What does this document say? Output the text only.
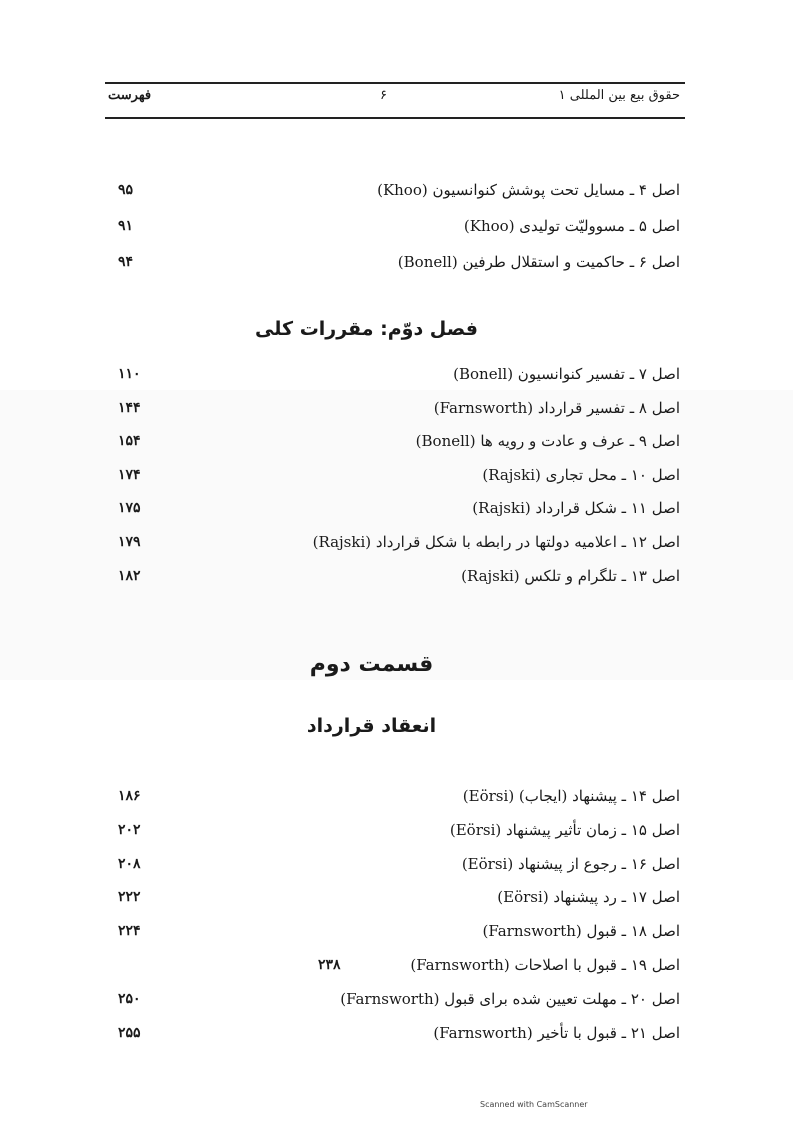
حقوق بیع بین المللی ۱
۶
فهرست
اصل ۴ ـ مسایل تحت پوشش کنوانسیون (Khoo)
۹۵
اصل ۵ ـ مسوولیّت تولیدی (Khoo)
۹۱
اصل ۶ ـ حاکمیت و استقلال طرفین (Bonell)
۹۴
فصل دوّم: مقررات کلی
اصل ۷ ـ تفسیر کنوانسیون (Bonell)
۱۱۰
اصل ۸ ـ تفسیر قرارداد (Farnsworth)
۱۴۴
اصل ۹ ـ عرف و عادت و رویه ها (Bonell)
۱۵۴
اصل ۱۰ ـ محل تجاری (Rajski)
۱۷۴
اصل ۱۱ ـ شکل قرارداد (Rajski)
۱۷۵
اصل ۱۲ ـ اعلامیه دولتها در رابطه با شکل قرارداد (Rajski)
۱۷۹
اصل ۱۳ ـ تلگرام و تلکس (Rajski)
۱۸۲
قسمت دوم
انعقاد قرارداد
اصل ۱۴ ـ پیشنهاد (ایجاب) (Eörsi)
۱۸۶
اصل ۱۵ ـ زمان تأثیر پیشنهاد (Eörsi)
۲۰۲
اصل ۱۶ ـ رجوع از پیشنهاد (Eörsi)
۲۰۸
اصل ۱۷ ـ رد پیشنهاد (Eörsi)
۲۲۲
اصل ۱۸ ـ قبول (Farnsworth)
۲۲۴
اصل ۱۹ ـ قبول با اصلاحات (Farnsworth)
۲۳۸
اصل ۲۰ ـ مهلت تعیین شده برای قبول (Farnsworth)
۲۵۰
اصل ۲۱ ـ قبول با تأخیر (Farnsworth)
۲۵۵
Scanned with CamScanner
